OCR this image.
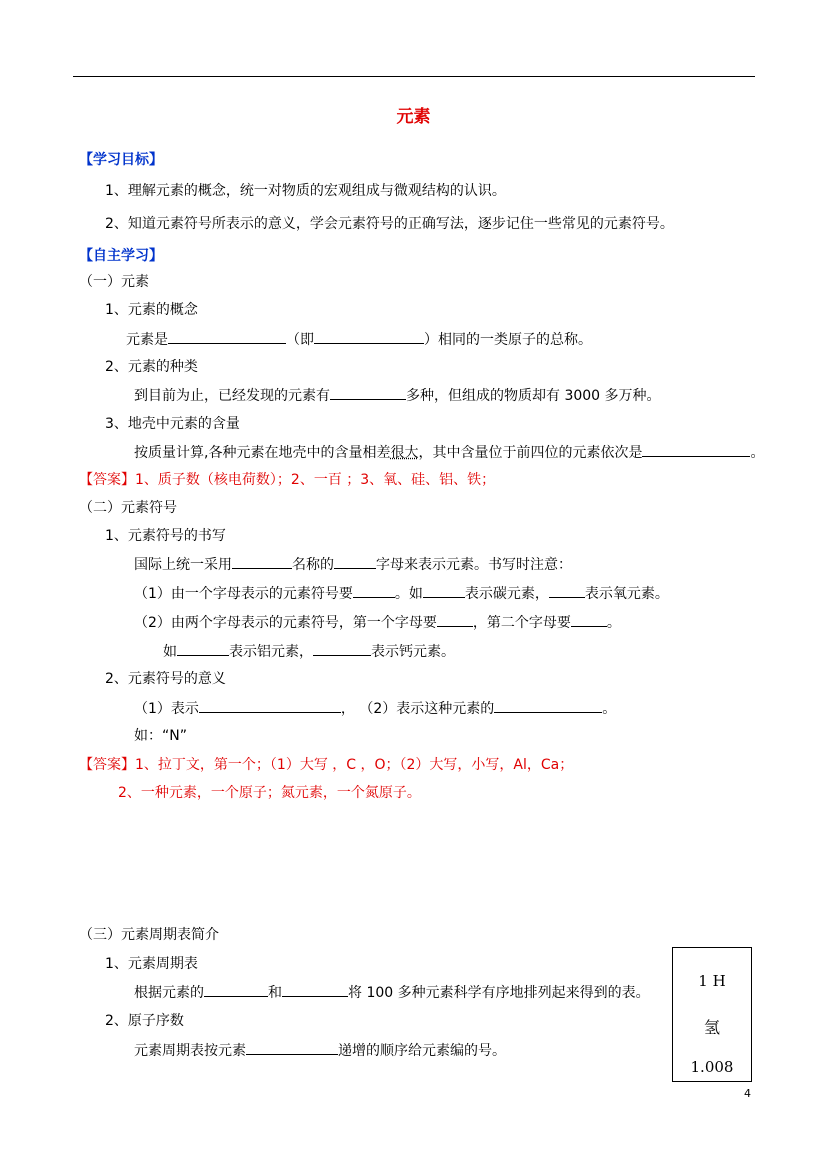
元素
【学习目标】
1、理解元素的概念，统一对物质的宏观组成与微观结构的认识。
2、知道元素符号所表示的意义，学会元素符号的正确写法，逐步记住一些常见的元素符号。
【自主学习】
（一）元素
1、元素的概念
元素是	（即	）相同的一类原子的总称。
2、元素的种类
到目前为止，已经发现的元素有	多种，但组成的物质却有 3000 多万种。
3、地壳中元素的含量
按质量计算,各种元素在地壳中的含量相差很大，其中含量位于前四位的元素依次是	。
【答案】1、质子数（核电荷数）；2、一百 ；3、氧、硅、铝、铁；
（二）元素符号
1、元素符号的书写
国际上统一采用	名称的	字母来表示元素。书写时注意：
（1）由一个字母表示的元素符号要	。如	表示碳元素，	表示氧元素。
（2）由两个字母表示的元素符号，第一个字母要	，第二个字母要	。
如	表示铝元素，	表示钙元素。
2、元素符号的意义
（1）表示	， （2）表示这种元素的	。
如：“N”
【答案】1、拉丁文，第一个；（1）大写 ，C ，O；（2）大写，小写，Al，Ca；
2、一种元素，一个原子；氮元素，一个氮原子。
（三）元素周期表简介
1、元素周期表
根据元素的	和	将 100 多种元素科学有序地排列起来得到的表。
2、原子序数
元素周期表按元素	递增的顺序给元素编的号。
1 H
氢
1.008
4
